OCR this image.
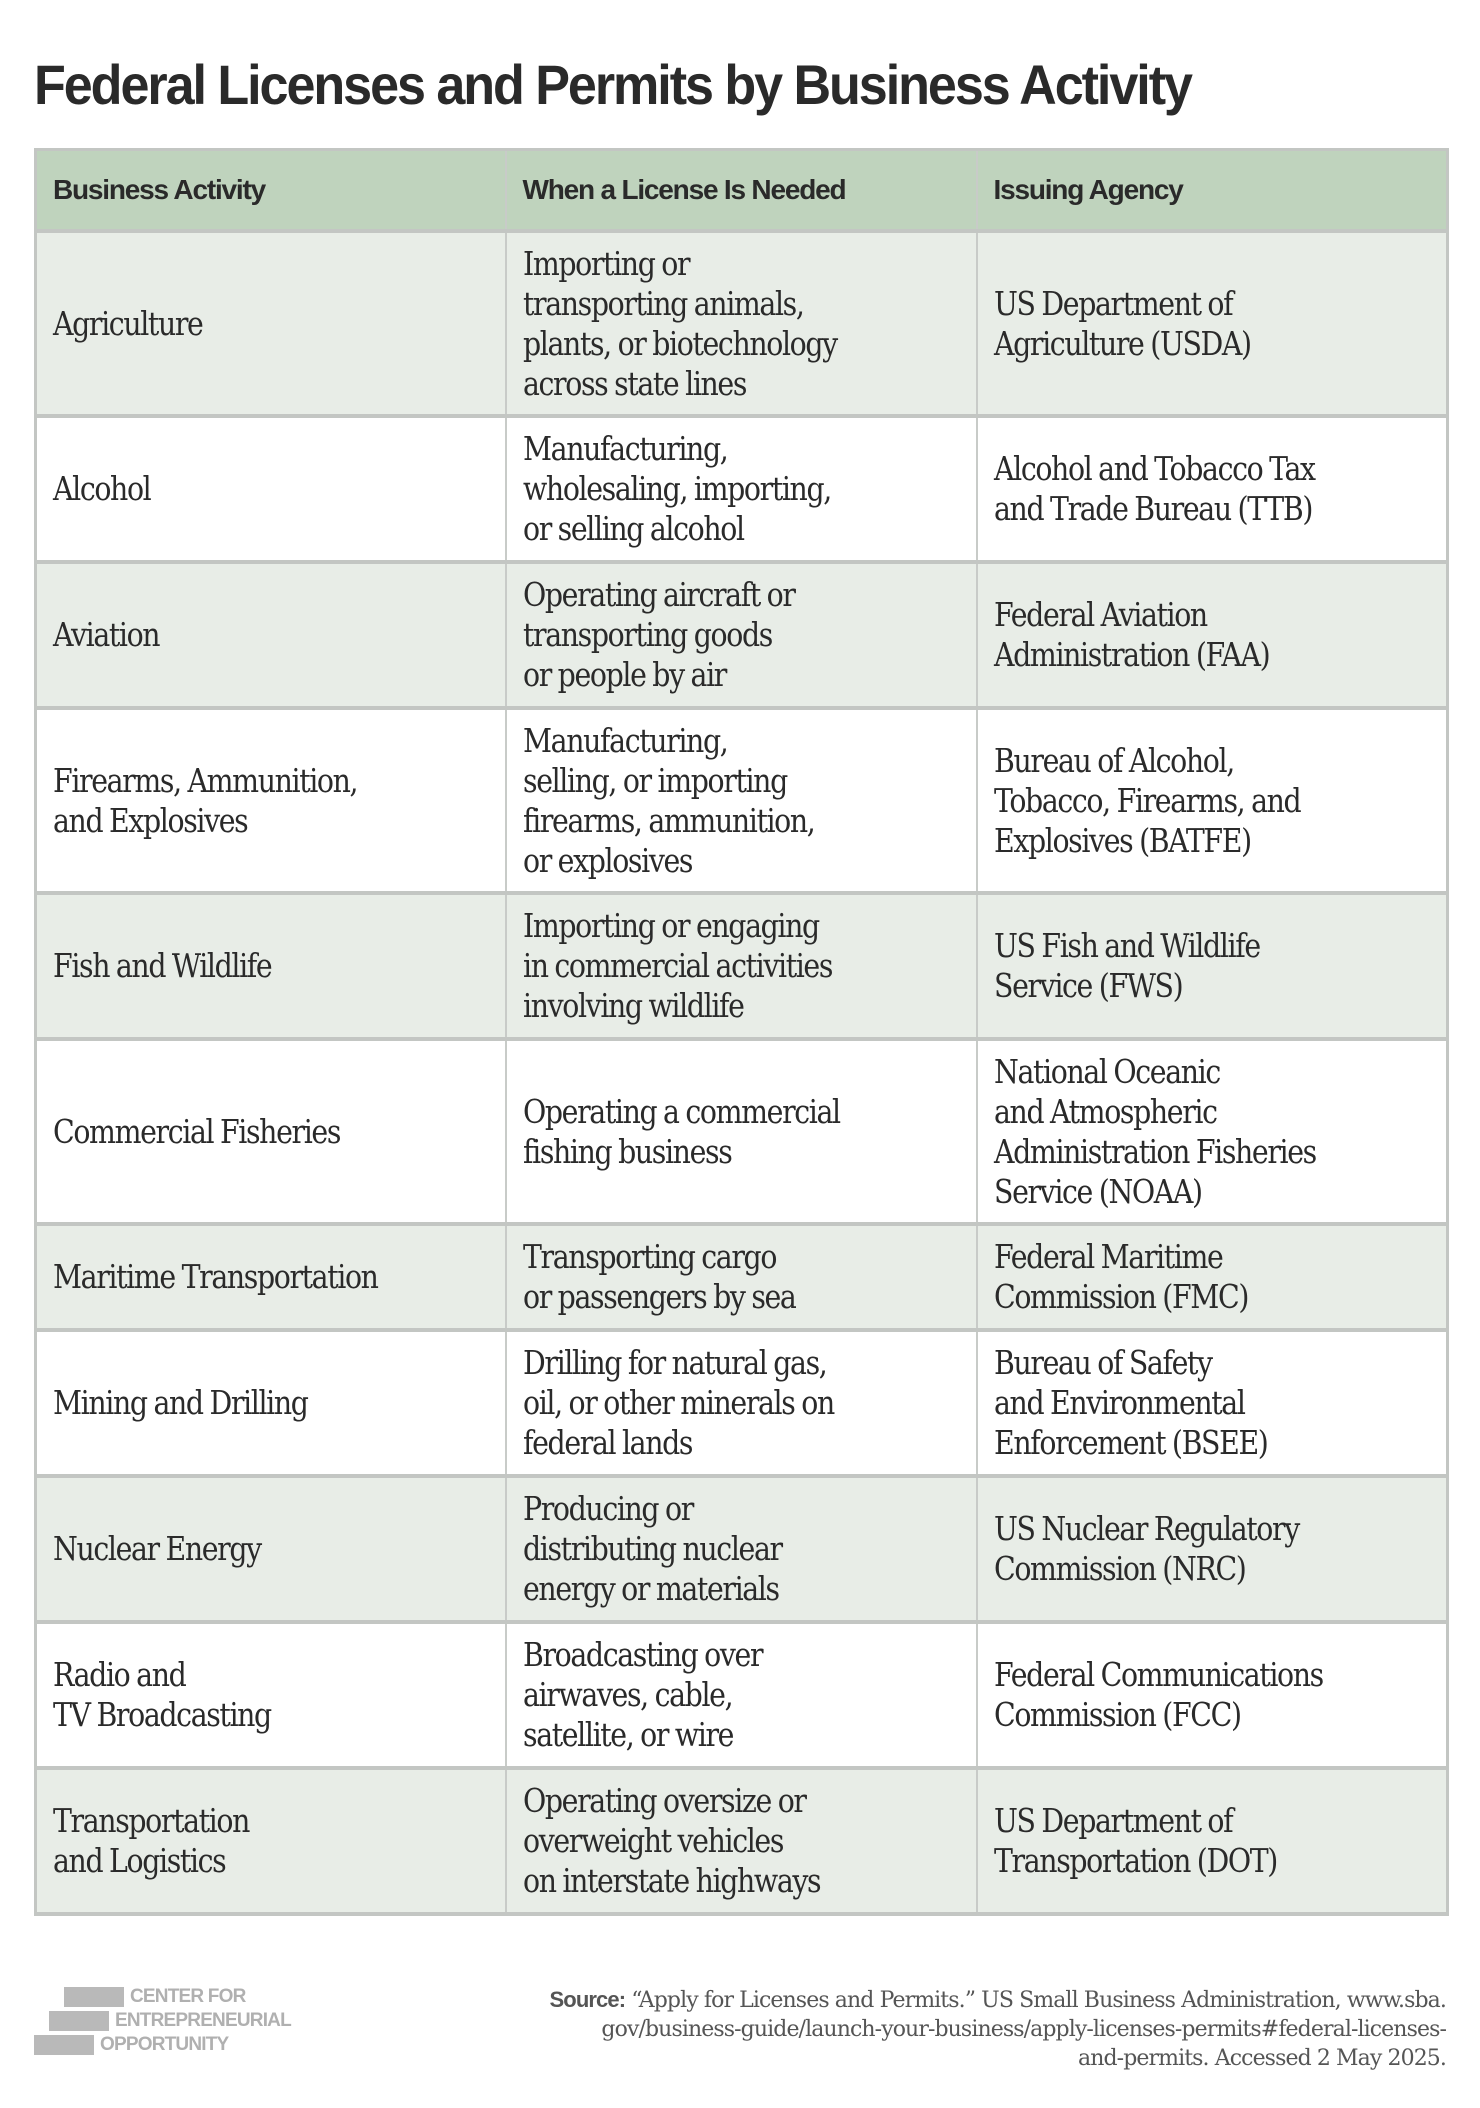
Federal Licenses and Permits by Business Activity
Business Activity	When a License Is Needed	Issuing Agency

Agriculture	Importing or
transporting animals,
plants, or biotechnology
across state lines	US Department of
Agriculture (USDA)

Alcohol	Manufacturing,
wholesaling, importing,
or selling alcohol	Alcohol and Tobacco Tax
and Trade Bureau (TTB)

Aviation	Operating aircraft or
transporting goods
or people by air	Federal Aviation
Administration (FAA)

Firearms, Ammunition,
and Explosives	Manufacturing,
selling, or importing
firearms, ammunition,
or explosives	Bureau of Alcohol,
Tobacco, Firearms, and
Explosives (BATFE)

Fish and Wildlife	Importing or engaging
in commercial activities
involving wildlife	US Fish and Wildlife
Service (FWS)

Commercial Fisheries	Operating a commercial
fishing business	National Oceanic
and Atmospheric
Administration Fisheries
Service (NOAA)

Maritime Transportation	Transporting cargo
or passengers by sea	Federal Maritime
Commission (FMC)

Mining and Drilling	Drilling for natural gas,
oil, or other minerals on
federal lands	Bureau of Safety
and Environmental
Enforcement (BSEE)

Nuclear Energy	Producing or
distributing nuclear
energy or materials	US Nuclear Regulatory
Commission (NRC)

Radio and
TV Broadcasting	Broadcasting over
airwaves, cable,
satellite, or wire	Federal Communications
Commission (FCC)

Transportation
and Logistics	Operating oversize or
overweight vehicles
on interstate highways	US Department of
Transportation (DOT)
CENTER FOR
ENTREPRENEURIAL
OPPORTUNITY
Source: “Apply for Licenses and Permits.” US Small Business Administration, www.sba.
gov/business-guide/launch-your-business/apply-licenses-permits#federal-licenses-
and-permits. Accessed 2 May 2025.
